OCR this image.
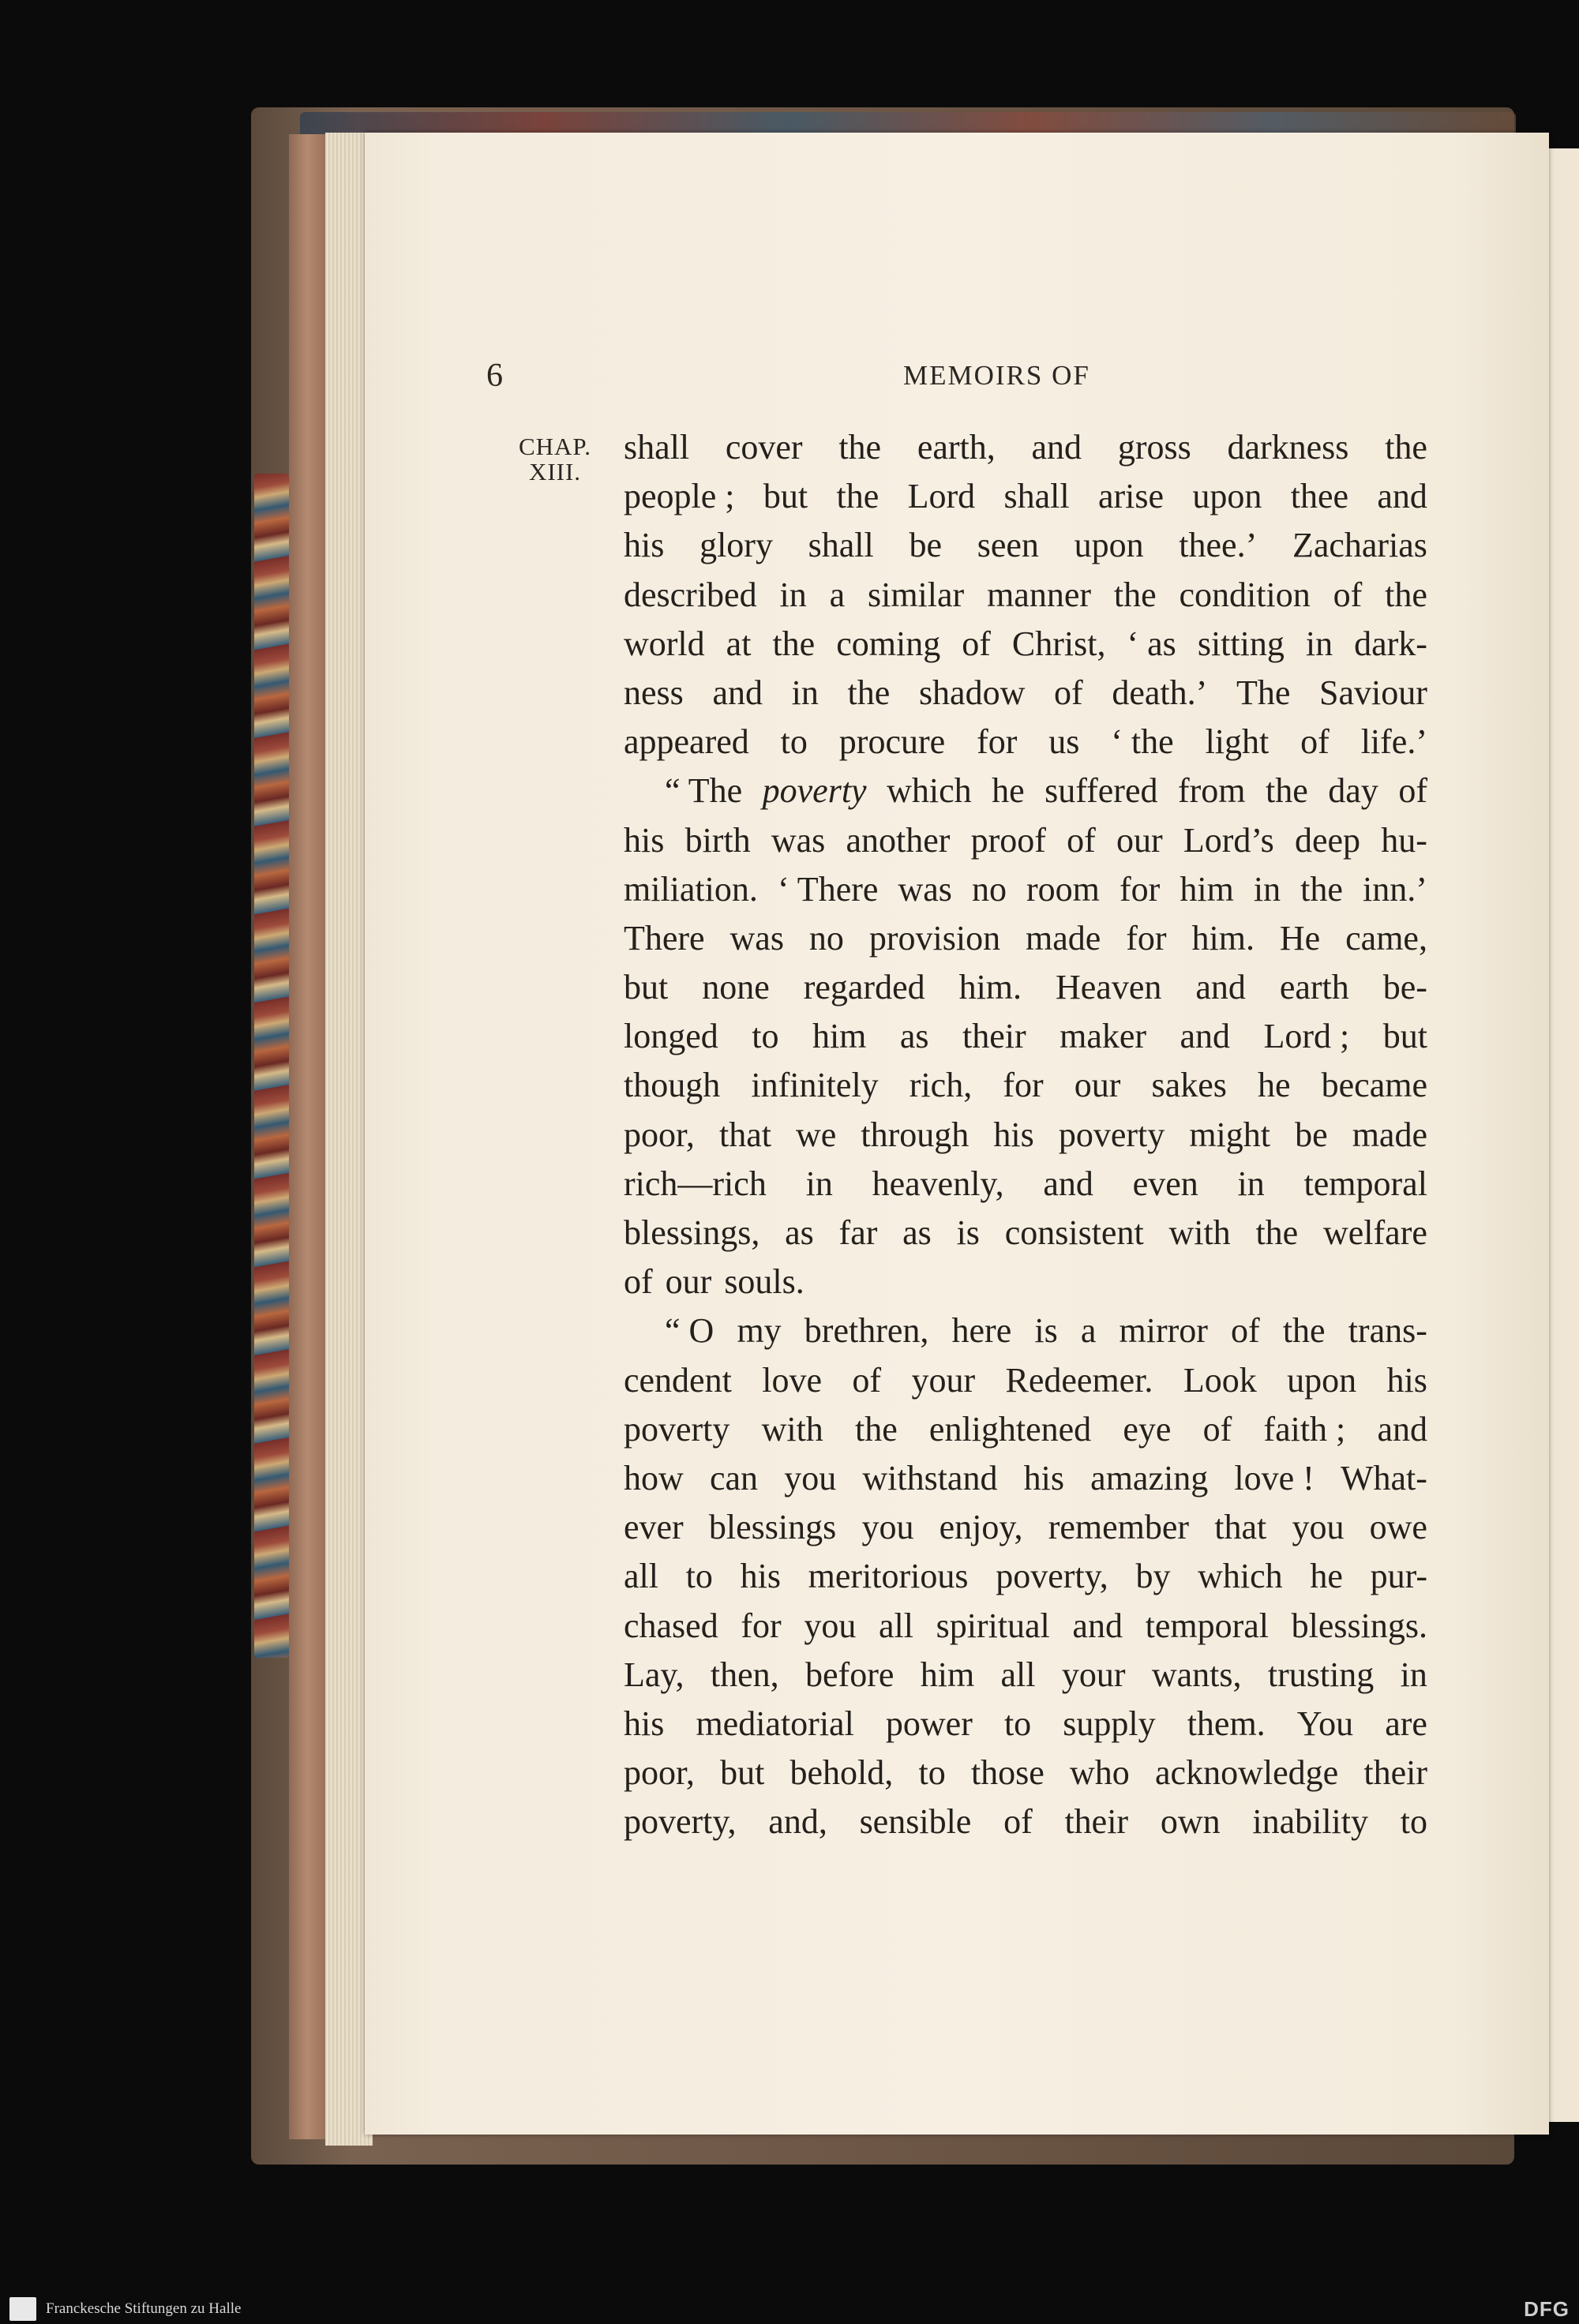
6	MEMOIRS OF
CHAP.
XIII.
shall cover the earth, and gross darkness the
people ; but the Lord shall arise upon thee and
his glory shall be seen upon thee.’ Zacharias
described in a similar manner the condition of the
world at the coming of Christ, ‘ as sitting in dark-
ness and in the shadow of death.’ The Saviour
appeared to procure for us ‘ the light of life.’
“ The poverty which he suffered from the day of
his birth was another proof of our Lord’s deep hu-
miliation. ‘ There was no room for him in the inn.’
There was no provision made for him. He came,
but none regarded him. Heaven and earth be-
longed to him as their maker and Lord ; but
though infinitely rich, for our sakes he became
poor, that we through his poverty might be made
rich—rich in heavenly, and even in temporal
blessings, as far as is consistent with the welfare
of our souls.
“ O my brethren, here is a mirror of the trans-
cendent love of your Redeemer. Look upon his
poverty with the enlightened eye of faith ; and
how can you withstand his amazing love ! What-
ever blessings you enjoy, remember that you owe
all to his meritorious poverty, by which he pur-
chased for you all spiritual and temporal blessings.
Lay, then, before him all your wants, trusting in
his mediatorial power to supply them. You are
poor, but behold, to those who acknowledge their
poverty, and, sensible of their own inability to
Franckesche Stiftungen zu Halle	DFG
